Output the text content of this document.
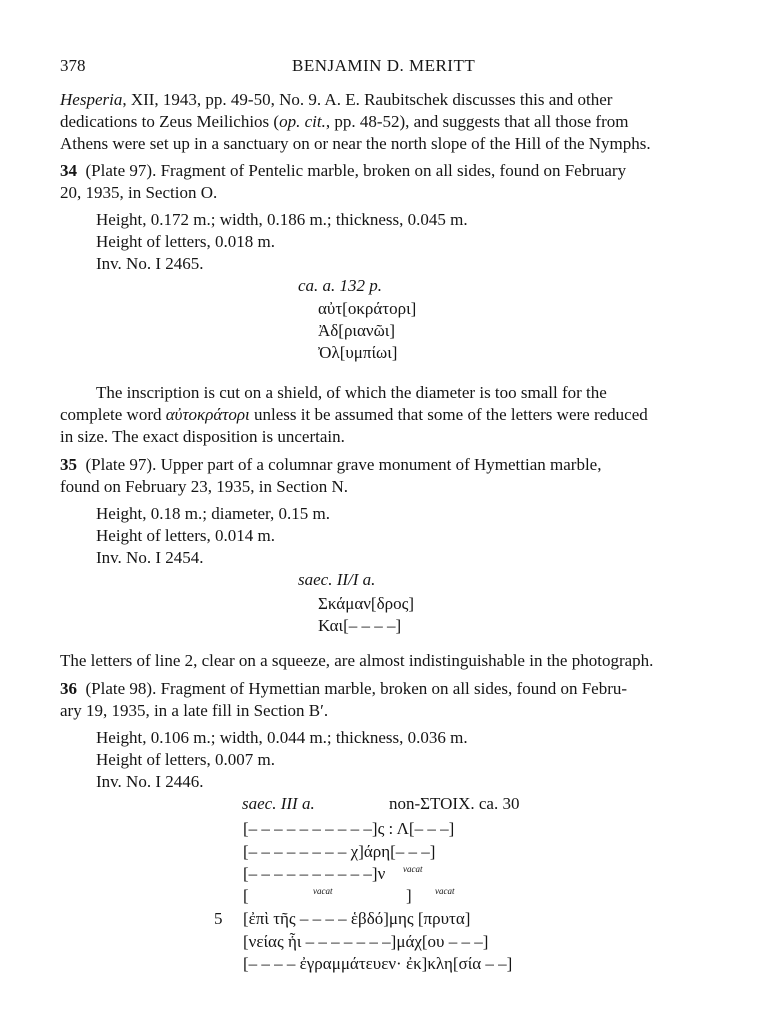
378	BENJAMIN D. MERITT
Hesperia, XII, 1943, pp. 49-50, No. 9. A. E. Raubitschek discusses this and other
dedications to Zeus Meilichios (op. cit., pp. 48-52), and suggests that all those from
Athens were set up in a sanctuary on or near the north slope of the Hill of the Nymphs.
34 (Plate 97). Fragment of Pentelic marble, broken on all sides, found on February
20, 1935, in Section O.
Height, 0.172 m.; width, 0.186 m.; thickness, 0.045 m.
Height of letters, 0.018 m.
Inv. No. I 2465.
ca. a. 132 p.
αὐτ[οκράτορι]
Ἀδ[ριανῶι]
Ὀλ[υμπίωι]
The inscription is cut on a shield, of which the diameter is too small for the
complete word αὐτοκράτορι unless it be assumed that some of the letters were reduced
in size. The exact disposition is uncertain.
35 (Plate 97). Upper part of a columnar grave monument of Hymettian marble,
found on February 23, 1935, in Section N.
Height, 0.18 m.; diameter, 0.15 m.
Height of letters, 0.014 m.
Inv. No. I 2454.
saec. II/I a.
Σκάμαν[δρος]
Και[– – – –]
The letters of line 2, clear on a squeeze, are almost indistinguishable in the photograph.
36 (Plate 98). Fragment of Hymettian marble, broken on all sides, found on Febru-
ary 19, 1935, in a late fill in Section B′.
Height, 0.106 m.; width, 0.044 m.; thickness, 0.036 m.
Height of letters, 0.007 m.
Inv. No. I 2446.
saec. III a.	non-ΣΤΟΙΧ. ca. 30
[– – – – – – – – – –]ς : Λ[– – –]
[– – – – – – – – χ]άρη[– – –]
[– – – – – – – – – –]ν vacat
[	vacat	]	vacat
5 [ἐπὶ τῆς – – – – ἑβδό]μης [πρυτα]
[νείας ἧι – – – – – – –]μάχ[ου – – –]
[– – – – ἐγραμμάτευεν· ἐκ]κλη[σία – –]
